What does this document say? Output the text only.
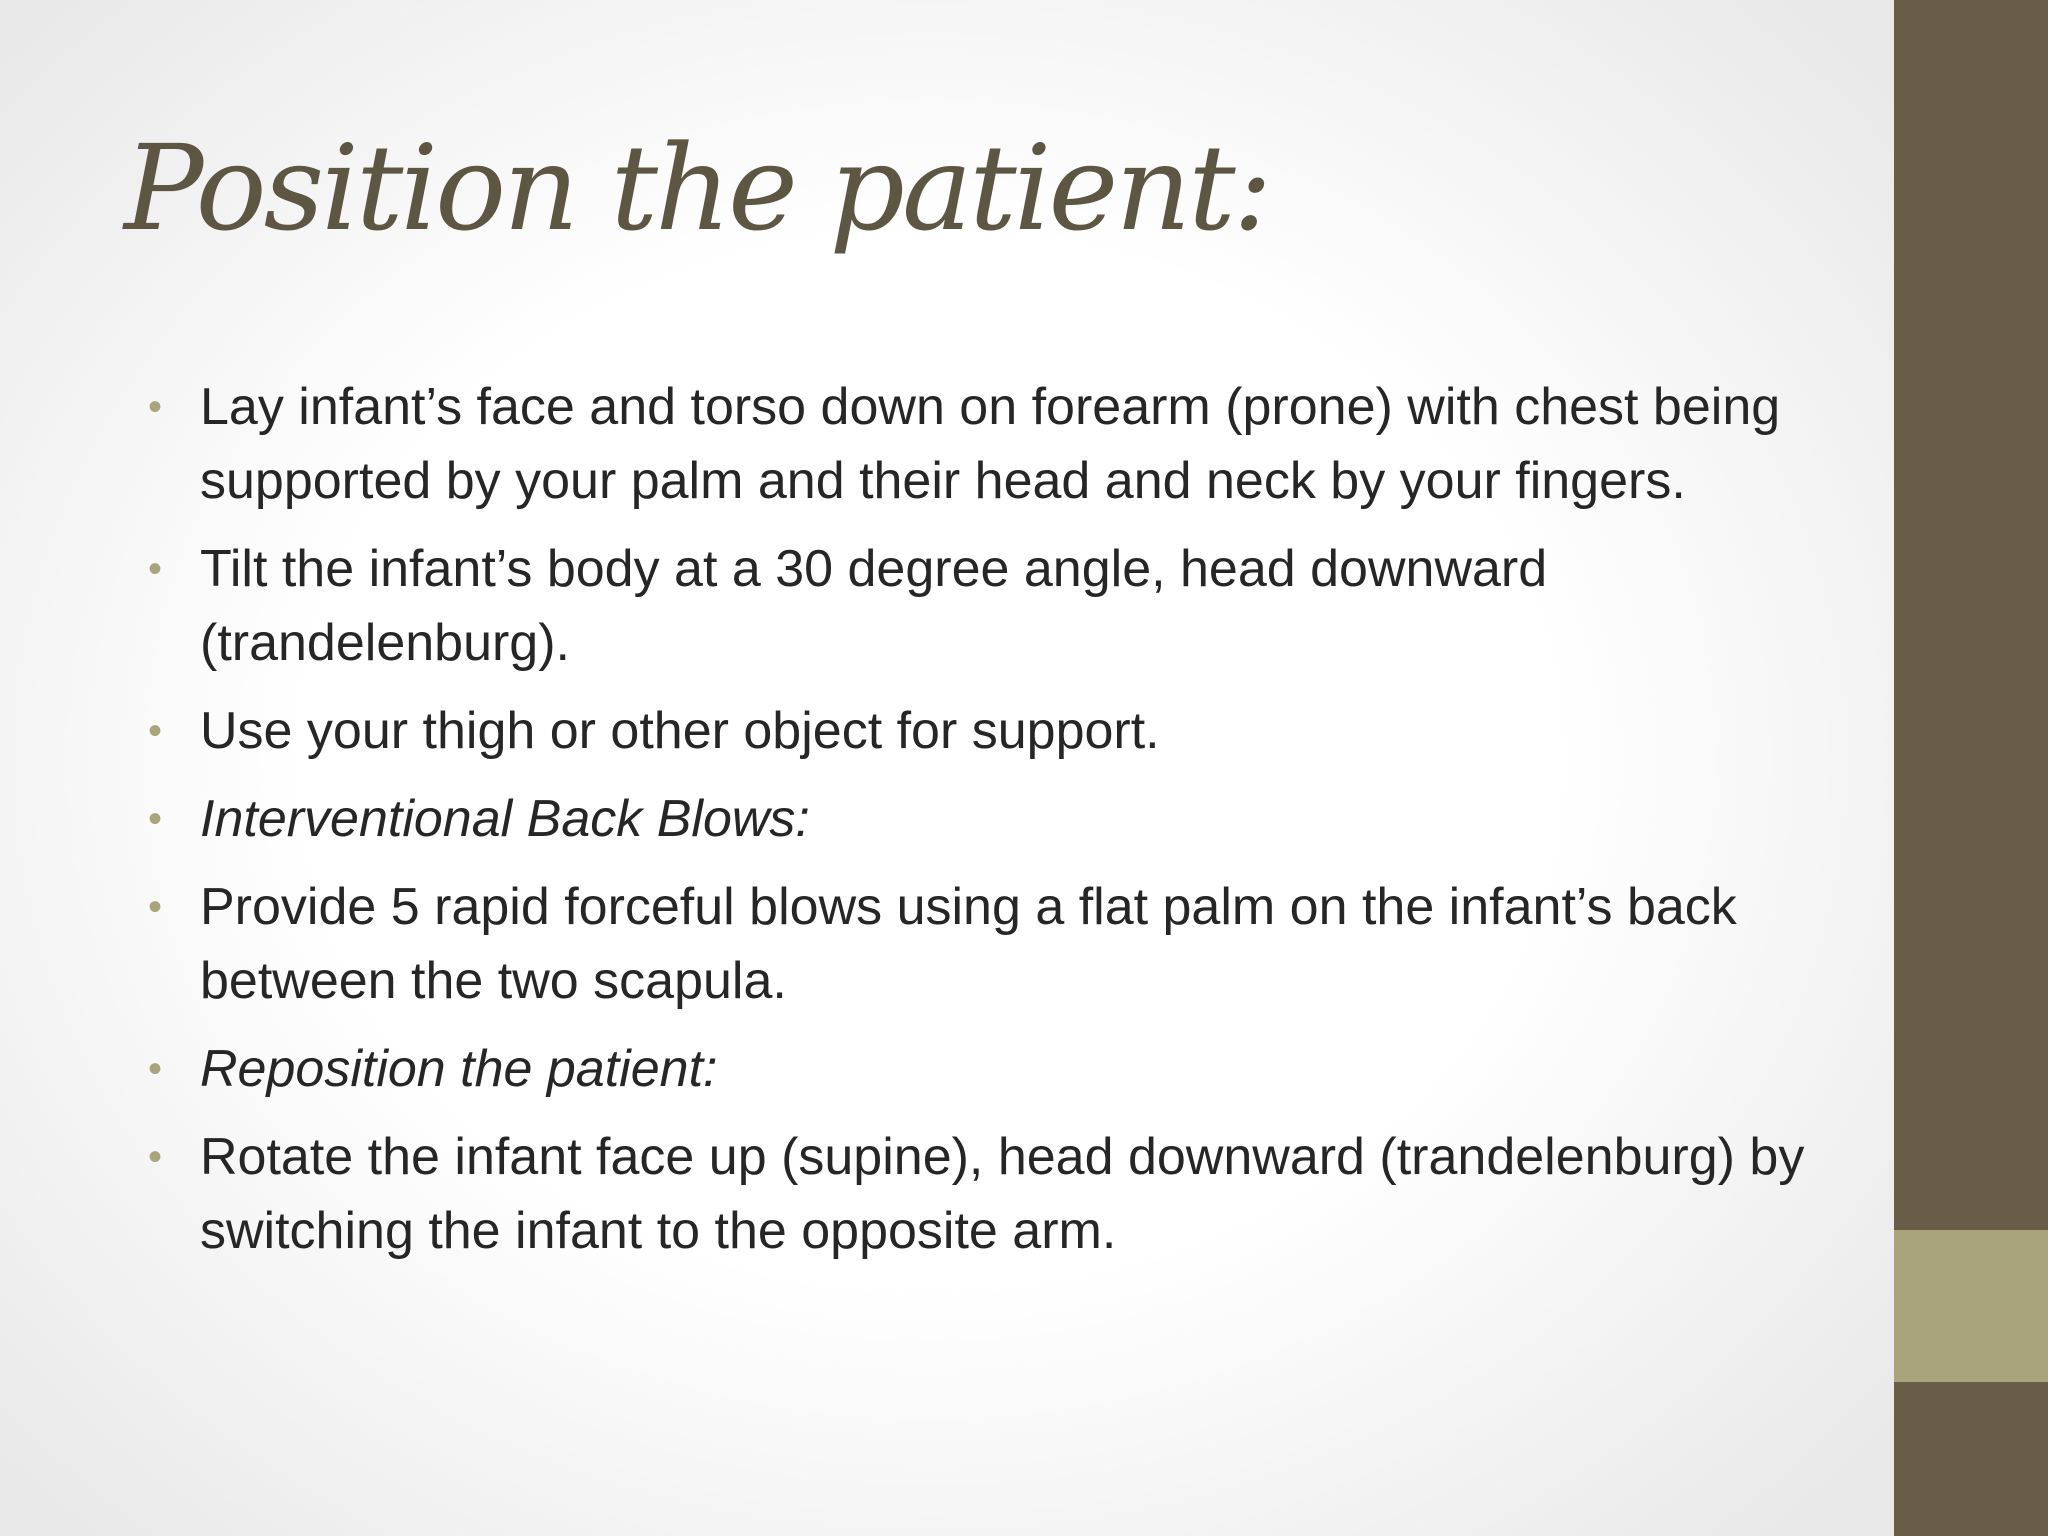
Position the patient:
• Lay infant’s face and torso down on forearm (prone) with chest being supported by your palm and their head and neck by your fingers.
• Tilt the infant’s body at a 30 degree angle, head downward (trandelenburg).
• Use your thigh or other object for support.
• Interventional Back Blows:
• Provide 5 rapid forceful blows using a flat palm on the infant’s back between the two scapula.
• Reposition the patient:
• Rotate the infant face up (supine), head downward (trandelenburg) by switching the infant to the opposite arm.
